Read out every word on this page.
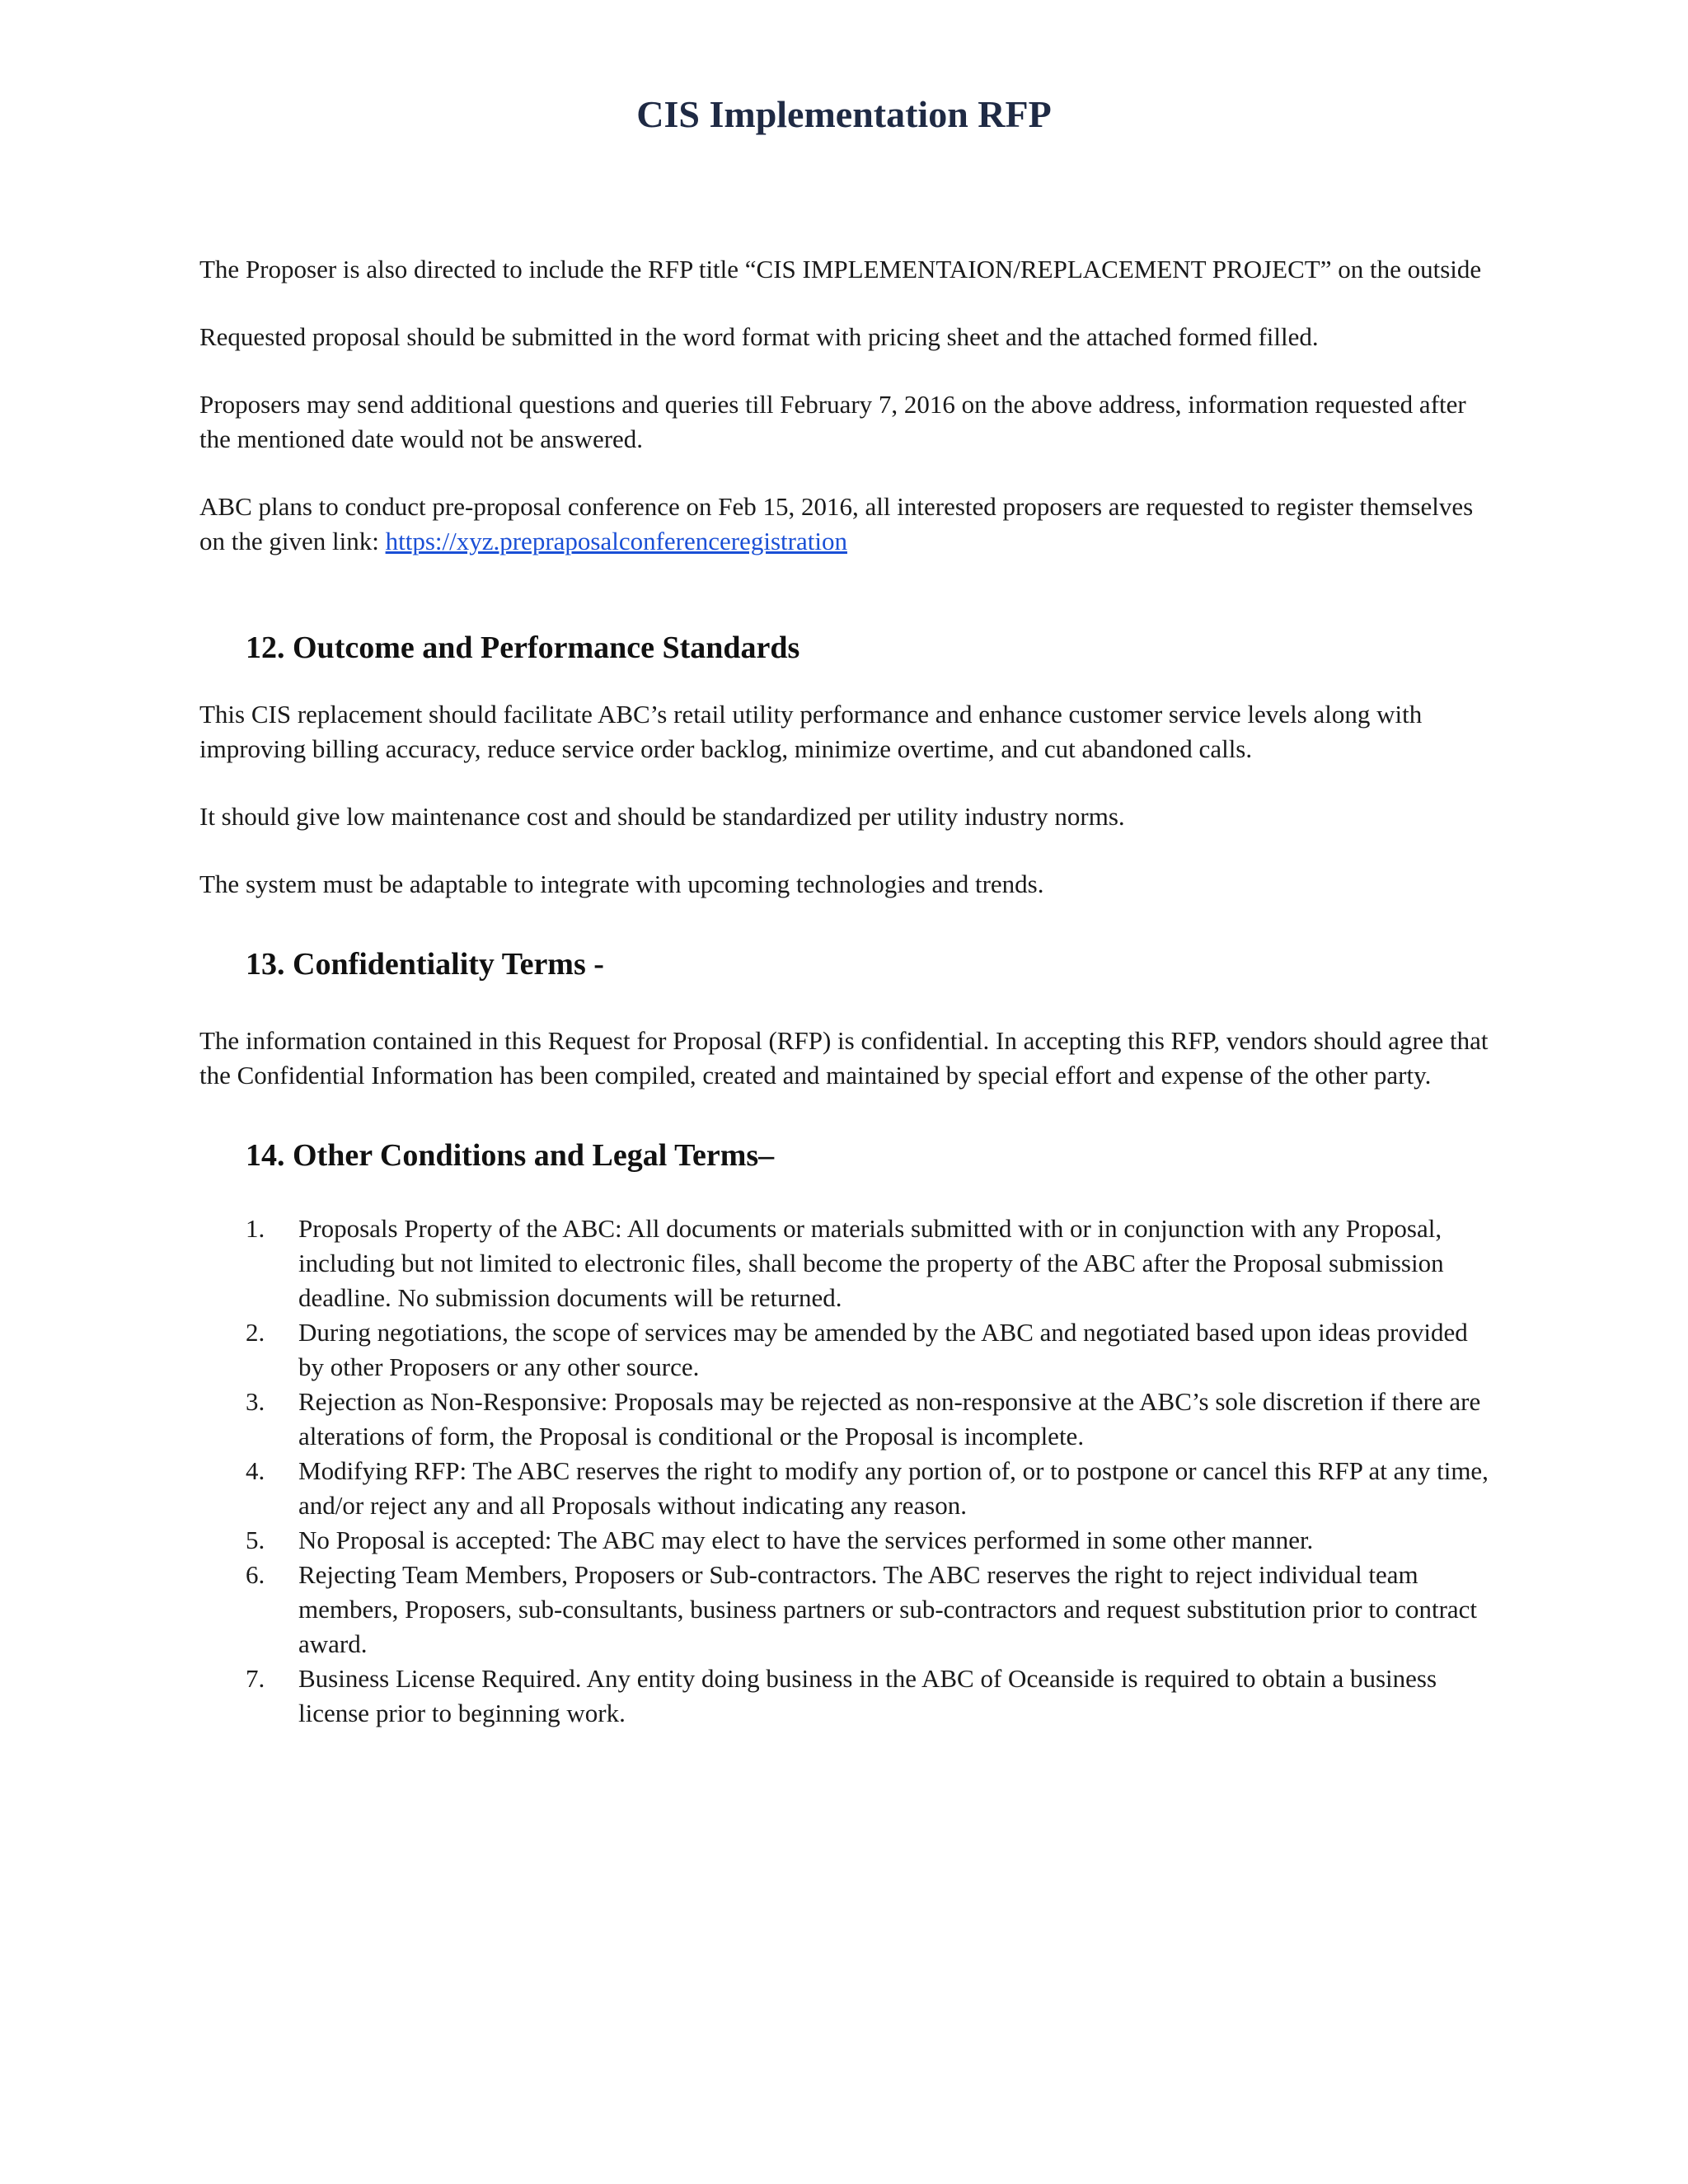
CIS Implementation RFP

The Proposer is also directed to include the RFP title “CIS IMPLEMENTAION/REPLACEMENT PROJECT” on the outside

Requested proposal should be submitted in the word format with pricing sheet and the attached formed filled.

Proposers may send additional questions and queries till February 7, 2016 on the above address, information requested after the mentioned date would not be answered.

ABC plans to conduct pre-proposal conference on Feb 15, 2016, all interested proposers are requested to register themselves on the given link: https://xyz.prepraposalconferenceregistration

12. Outcome and Performance Standards

This CIS replacement should facilitate ABC’s retail utility performance and enhance customer service levels along with improving billing accuracy, reduce service order backlog, minimize overtime, and cut abandoned calls.

It should give low maintenance cost and should be standardized per utility industry norms.

The system must be adaptable to integrate with upcoming technologies and trends.

13. Confidentiality Terms -

The information contained in this Request for Proposal (RFP) is confidential. In accepting this RFP, vendors should agree that the Confidential Information has been compiled, created and maintained by special effort and expense of the other party.

14. Other Conditions and Legal Terms–
1. Proposals Property of the ABC: All documents or materials submitted with or in conjunction with any Proposal, including but not limited to electronic files, shall become the property of the ABC after the Proposal submission deadline. No submission documents will be returned.
2. During negotiations, the scope of services may be amended by the ABC and negotiated based upon ideas provided by other Proposers or any other source.
3. Rejection as Non-Responsive: Proposals may be rejected as non-responsive at the ABC’s sole discretion if there are alterations of form, the Proposal is conditional or the Proposal is incomplete.
4. Modifying RFP: The ABC reserves the right to modify any portion of, or to postpone or cancel this RFP at any time, and/or reject any and all Proposals without indicating any reason.
5. No Proposal is accepted: The ABC may elect to have the services performed in some other manner.
6. Rejecting Team Members, Proposers or Sub-contractors. The ABC reserves the right to reject individual team members, Proposers, sub-consultants, business partners or sub-contractors and request substitution prior to contract award.
7. Business License Required. Any entity doing business in the ABC of Oceanside is required to obtain a business license prior to beginning work.
